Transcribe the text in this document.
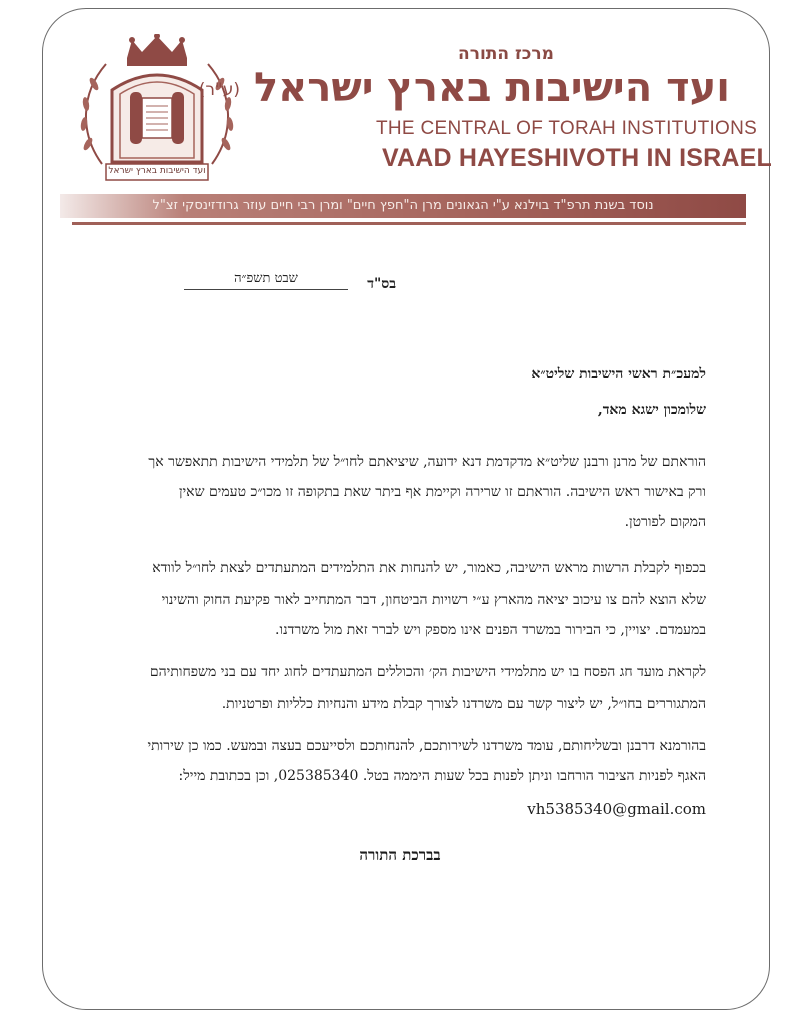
ועד הישיבות בארץ ישראל
מרכז התורה
ועד הישיבות בארץ ישראל (ע"ר)
THE CENTRAL OF TORAH INSTITUTIONS
VAAD HAYESHIVOTH IN ISRAEL
נוסד בשנת תרפ"ד בוילנא ע"י הגאונים מרן ה"חפץ חיים" ומרן רבי חיים עוזר גרודזינסקי זצ"ל
שבט תשפ״ה	בס"ד
למעכ״ת ראשי הישיבות שליט״א
שלומכון ישגא מאד,
הוראתם של מרנן ורבנן שליט״א מדקדמת דנא ידועה, שיציאתם לחו״ל של תלמידי הישיבות תתאפשר אך
ורק באישור ראש הישיבה. הוראתם זו שרירה וקיימת אף ביתר שאת בתקופה זו מכו״כ טעמים שאין
המקום לפורטן.
בכפוף לקבלת הרשות מראש הישיבה, כאמור, יש להנחות את התלמידים המתעתדים לצאת לחו״ל לוודא
שלא הוצא להם צו עיכוב יציאה מהארץ ע״י רשויות הביטחון, דבר המתחייב לאור פקיעת החוק והשינוי
במעמדם. יצויין, כי הבירור במשרד הפנים אינו מספק ויש לברר זאת מול משרדנו.
לקראת מועד חג הפסח בו יש מתלמידי הישיבות הק׳ והכוללים המתעתדים לחוג יחד עם בני משפחותיהם
המתגוררים בחו״ל, יש ליצור קשר עם משרדנו לצורך קבלת מידע והנחיות כלליות ופרטניות.
בהורמנא דרבנן ובשליחותם, עומד משרדנו לשירותכם, להנחותכם ולסייעכם בעצה ובמעש. כמו כן שירותי
האגף לפניות הציבור הורחבו וניתן לפנות בכל שעות היממה בטל. 025385340, וכן בכתובת מייל:
vh5385340@gmail.com
בברכת התורה
